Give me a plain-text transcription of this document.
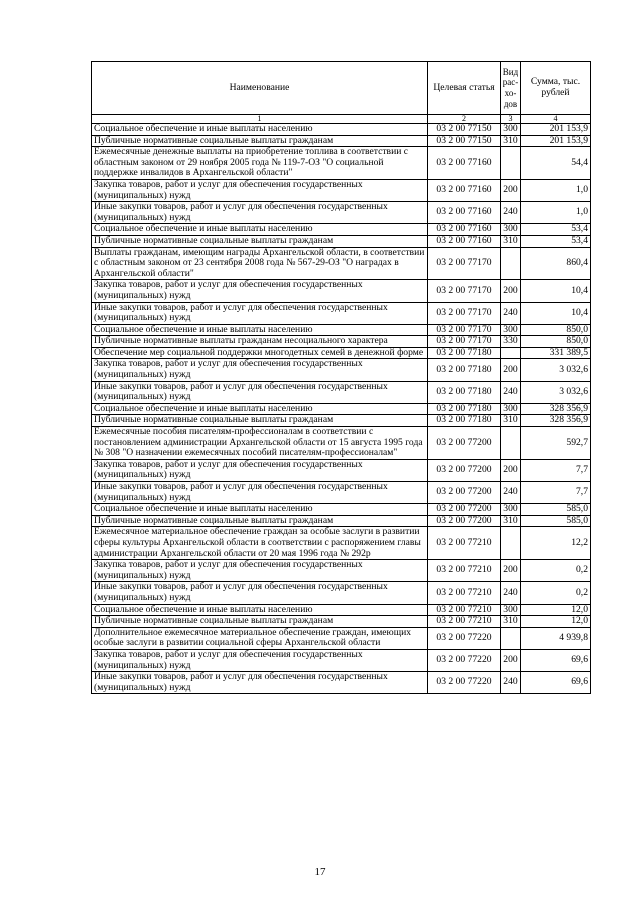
Наименование	Целевая статья	Вид рас-хо-дов	Сумма, тыс. рублей
1	2	3	4
Социальное обеспечение и иные выплаты населению	03 2 00 77150	300	201 153,9
Публичные нормативные социальные выплаты гражданам	03 2 00 77150	310	201 153,9
Ежемесячные денежные выплаты на приобретение топлива в соответствии с областным законом от 29 ноября 2005 года № 119-7-ОЗ "О социальной поддержке инвалидов в Архангельской области"	03 2 00 77160		54,4
Закупка товаров, работ и услуг для обеспечения государственных (муниципальных) нужд	03 2 00 77160	200	1,0
Иные закупки товаров, работ и услуг для обеспечения государственных (муниципальных) нужд	03 2 00 77160	240	1,0
Социальное обеспечение и иные выплаты населению	03 2 00 77160	300	53,4
Публичные нормативные социальные выплаты гражданам	03 2 00 77160	310	53,4
Выплаты гражданам, имеющим награды Архангельской области, в соответствии с областным законом от 23 сентября 2008 года № 567-29-ОЗ "О наградах в Архангельской области"	03 2 00 77170		860,4
Закупка товаров, работ и услуг для обеспечения государственных (муниципальных) нужд	03 2 00 77170	200	10,4
Иные закупки товаров, работ и услуг для обеспечения государственных (муниципальных) нужд	03 2 00 77170	240	10,4
Социальное обеспечение и иные выплаты населению	03 2 00 77170	300	850,0
Публичные нормативные выплаты гражданам несоциального характера	03 2 00 77170	330	850,0
Обеспечение мер социальной поддержки многодетных семей в денежной форме	03 2 00 77180		331 389,5
Закупка товаров, работ и услуг для обеспечения государственных (муниципальных) нужд	03 2 00 77180	200	3 032,6
Иные закупки товаров, работ и услуг для обеспечения государственных (муниципальных) нужд	03 2 00 77180	240	3 032,6
Социальное обеспечение и иные выплаты населению	03 2 00 77180	300	328 356,9
Публичные нормативные социальные выплаты гражданам	03 2 00 77180	310	328 356,9
Ежемесячные пособия писателям-профессионалам в соответствии с постановлением администрации Архангельской области от 15 августа 1995 года № 308 "О назначении ежемесячных пособий писателям-профессионалам"	03 2 00 77200		592,7
Закупка товаров, работ и услуг для обеспечения государственных (муниципальных) нужд	03 2 00 77200	200	7,7
Иные закупки товаров, работ и услуг для обеспечения государственных (муниципальных) нужд	03 2 00 77200	240	7,7
Социальное обеспечение и иные выплаты населению	03 2 00 77200	300	585,0
Публичные нормативные социальные выплаты гражданам	03 2 00 77200	310	585,0
Ежемесячное материальное обеспечение граждан за особые заслуги в развитии сферы культуры Архангельской области в соответствии с распоряжением главы администрации Архангельской области от 20 мая 1996 года № 292р	03 2 00 77210		12,2
Закупка товаров, работ и услуг для обеспечения государственных (муниципальных) нужд	03 2 00 77210	200	0,2
Иные закупки товаров, работ и услуг для обеспечения государственных (муниципальных) нужд	03 2 00 77210	240	0,2
Социальное обеспечение и иные выплаты населению	03 2 00 77210	300	12,0
Публичные нормативные социальные выплаты гражданам	03 2 00 77210	310	12,0
Дополнительное ежемесячное материальное обеспечение граждан, имеющих особые заслуги в развитии социальной сферы Архангельской области	03 2 00 77220		4 939,8
Закупка товаров, работ и услуг для обеспечения государственных (муниципальных) нужд	03 2 00 77220	200	69,6
Иные закупки товаров, работ и услуг для обеспечения государственных (муниципальных) нужд	03 2 00 77220	240	69,6
17
